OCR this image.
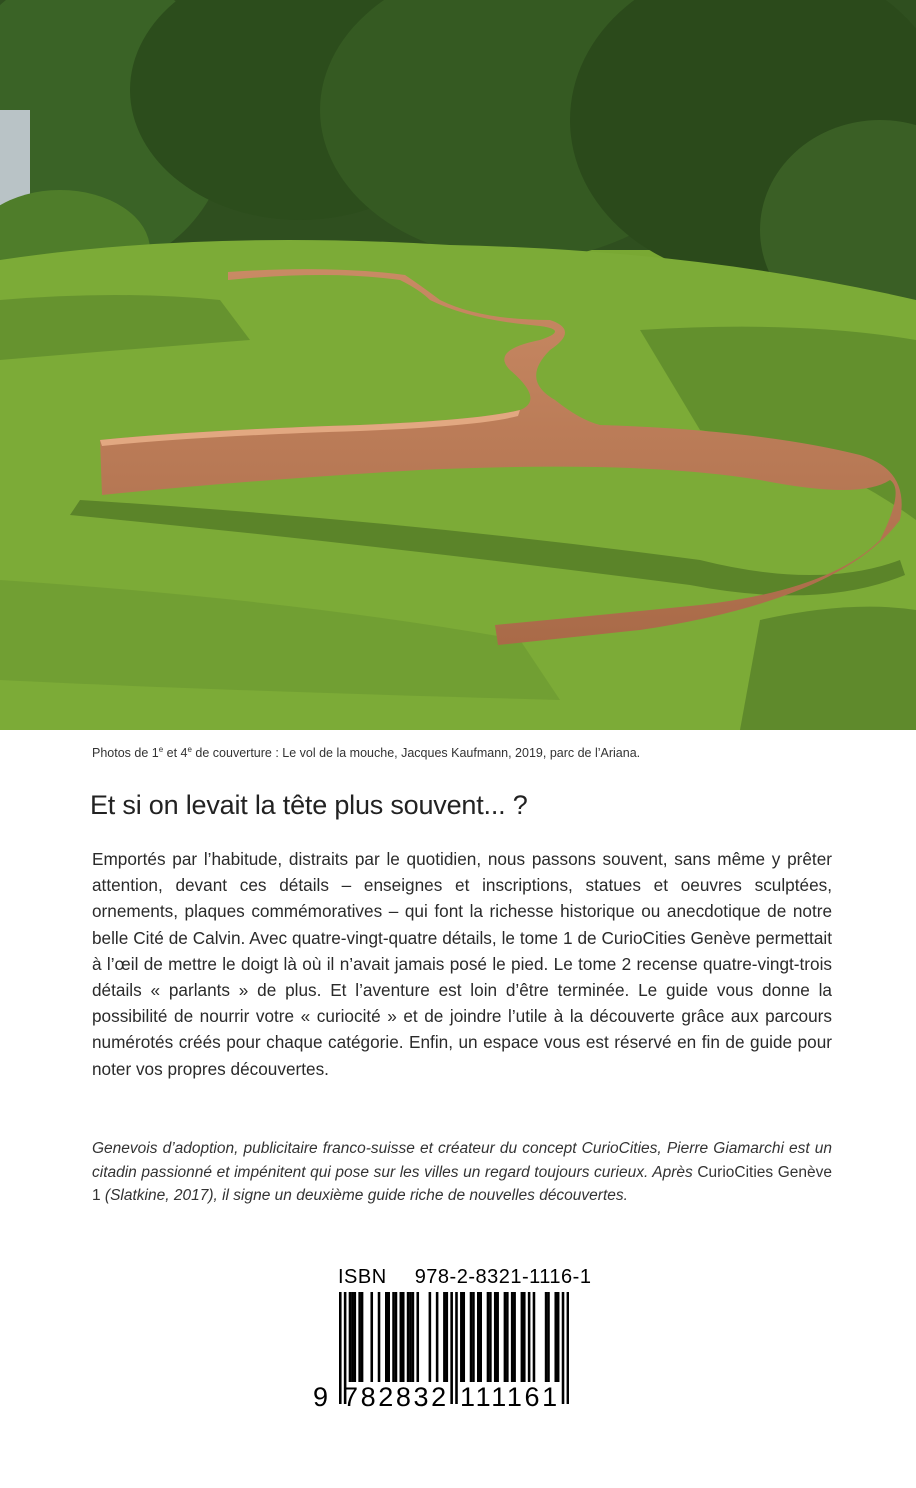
Photos de 1e et 4e de couverture : Le vol de la mouche, Jacques Kaufmann, 2019, parc de l’Ariana.
Et si on levait la tête plus souvent... ?

Emportés par l’habitude, distraits par le quotidien, nous passons souvent, sans même y prêter attention, devant ces détails – enseignes et inscriptions, statues et oeuvres sculptées, ornements, plaques commémoratives – qui font la richesse historique ou anecdotique de notre belle Cité de Calvin. Avec quatre-vingt-quatre détails, le tome 1 de CurioCities Genève permettait à l’œil de mettre le doigt là où il n’avait jamais posé le pied. Le tome 2 recense quatre-vingt-trois détails « parlants » de plus. Et l’aventure est loin d’être terminée. Le guide vous donne la possibilité de nourrir votre « curiocité » et de joindre l’utile à la découverte grâce aux parcours numérotés créés pour chaque catégorie. Enfin, un espace vous est réservé en fin de guide pour noter vos propres découvertes.

Genevois d’adoption, publicitaire franco-suisse et créateur du concept CurioCities, Pierre Giamarchi est un citadin passionné et impénitent qui pose sur les villes un regard toujours curieux. Après CurioCities Genève 1 (Slatkine, 2017), il signe un deuxième guide riche de nouvelles découvertes.

ISBN 978-2-8321-1116-1
9 782832 111161
